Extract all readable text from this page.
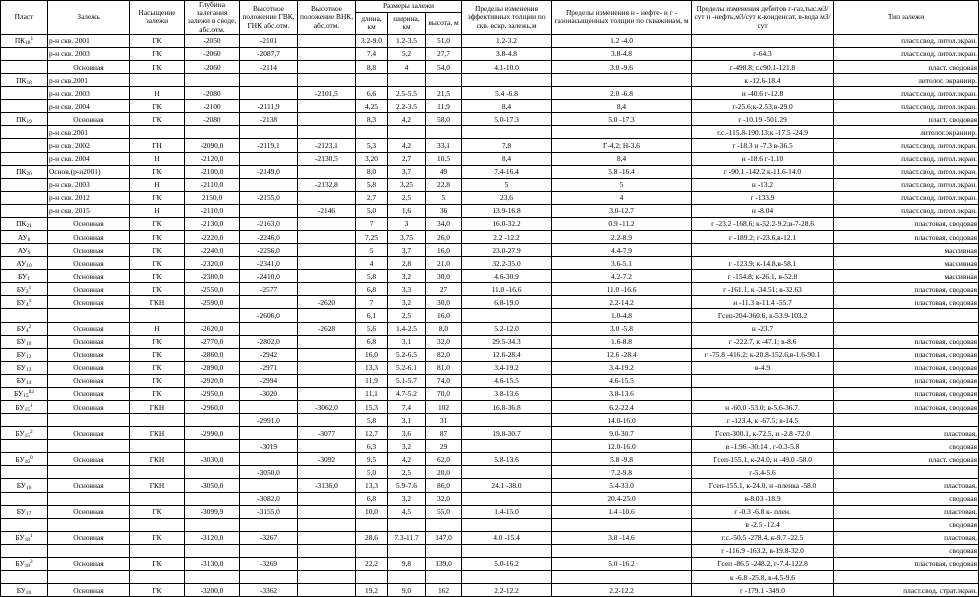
Пласт	Залежь	Насыщение залежи	Глубина залегания залежи в своде, абс.отм.	Высотное положение ГВК, ГНК абс.отм.	Высотное положение ВНК, абс.отм.	Размеры залежи			Пределы изменения эффективных толщин по скв. вскр. залежь,м	Пределы изменения н - нефте- и г - газонасыщенных толщин по скважинам, м	Пределы изменения дебитов г-газ,тыс.м3/сут н -нефть,м3/сут к-конденсат, в-вода м3/сут	Тип залежи
						длина, км	ширина, км	высота, м				
$ПК_{18}^1$	р-н скв. 2001	ГК	-2050	-2101		3.2-9.0	1.2-3.5	51,0	1.2-3.2	1.2 -4.0		пласт.свод, литол.экран.
	р-н скв. 2003	ГК	-2060	-2087,7		7,4	5,2	27,7	3.8-4.8	3.8-4.8	г-64.3	пласт.свод, литол.экран.
	Основная	ГК	-2060	-2114		8,8	4	54,0	4.1-10.0	3.0 -9.6	г-498.8; г.с90.1-121.8	пласт. сводовая
$ПК_{18}$	р-н скв.2001										к -12.6-18.4	литолог. экраниир.
	р-н скв. 2003	Н	-2080		-2101,5	6,6	2.5-5.5	21,5	5.4 -6.8	2.0 -6.8	н -40.6 г-12.8	пласт.свод, литол.экран.
	р-н скв. 2004	ГК	-2100	-2111,9		4,25	2.2-3.5	11,9	8,4	8,4	г-25.6;к-2.53;в-29.0	пласт.свод, литол.экран.
$ПК_{19}$	Основная	ГК	-2080	-2138		8,3	4,2	58,0	5.0-17.3	5.0 -17.3	г -10.19 -501.29	пласт. сводовая
	р-н скв.2001										г.с.-115.8-190.13;к -17.5 -24.9	литолог.экраниир.
	р-н скв. 2002	ГН	-2090,0	-2119,1	-2123,1	5,3	4,2	33,1	7,8	Г-4,2; Н-3.6	г -18.3 н -7.3 в-36.5	пласт.свод, литол.экран.
	р-н скв. 2004	Н	-2120,0		-2130,5	3,20	2,7	10,5	8,4	8,4	н -18.6 г-1.10	пласт.свод, литол.экран.
$ПК_{20}$	Основ.(р-н2001)	ГК	-2100,0	-2149,0		8,0	3,7	49	7.4-16.4	5.8 -16.4	г -90.1 -142.2 к-11.6-14.0	пласт.свод, литол.экран.
	р-н скв. 2003	Н	-2110,0		-2132,8	5,8	3,25	22,8	5	5	н -13.2	пласт.свод, литол.экран.
	р-н скв. 2012	ГК	2150,0	-2155,0		2,7	2,5	5	23,6	4	г -133.9	пласт.свод, литол.экран.
	р-н скв. 2015	Н	-2110,0		-2146	5,0	1,6	36	13.9-16.8	3.0-12.7	н -8.04	пласт.свод, литол.экран.
$ПК_{21}$	Основная	ГК	-2130,0	-2163,0		7	3	34,0	16.0-32.2	0.9 -11.2	г -23.2 -168.6; к-52.2-9.2;в-7-28.6	пластовая, сводовая
$АУ_8$	Основная	ГК	-2220,0	-2246,0		7,25	3,75	26,0	2.2 -12.2	2.2-8.9	г -189.2; г-23.6,в-12.1	пластовая, сводовая
$АУ_9$	Основная	ГК	-2240,0	-2256,0		5	3,7	16,0	23.0-27.9	4.4-7.9		массивная
$АУ_{10}$	Основная	ГК	-2320,0	-2341,0		4	2,8	21,0	32.2-35.0	3.6-5.1	г -123.9; к-14.8,в-58.1	массивная
$БУ_1$	Основная	ГК	-2380,0	-2410,0		5,8	3,2	30,0	4.6-30.9	4.2-7.2	г -154.8; к-26.1, в-52.8	массивная
$БУ_2^1$	Основная	ГК	-2550,0	-2577		6,8	3,3	27	11.0 -16.6	11.0 -16.6	г -161.1, к -34.51; в-32.63	пластовая, сводовая
$БУ_4^1$	Основная	ГКН	-2590,0		-2620	7	3,2	30,0	6.8-19.0	2.2-14.2	н -11.3 в-11.4 -55.7	пластовая, сводовая
				-2606,0		6,1	2,5	16,0		1.0-4.8	Гсеп-204-360.6, к-53.9-103.2	
$БУ_4^2$	Основная	Н	-2620,0		-2628	5,6	1.4-2.5	8,0	5.2-12.0	3.0 -5.8	н -23.7	
$БУ_{10}$	Основная	ГК	-2770,0	-2802,0		6,8	3,1	32,0	29.5-34.3	1.6-8.8	г -222.7, к -47.1; в-8.6	пластовая, сводовая
$БУ_{12}$	Основная	ГК	-2860,0	-2942		16,0	5.2-6.5	82,0	12.6-28.4	12.6 -28.4	г -75.8 -416.2; к-20.8-152.6,в-1.6-90.1	пластовая, сводовая
$БУ_{13}$	Основная	ГК	-2890,0	-2971		13,3	5.2-6.1	81,0	3.4-19.2	3.4-19.2	в-4.9	пластовая, сводовая
$БУ_{14}$	Основная	ГК	-2920,0	-2994		11,9	5.1-5.7	74,0	4.6-15.5	4.6-15.5		пластовая, сводовая
$БУ_{15}^{02}$	Основная	ГК	-2950,0	-3020		11,1	4.7-5.2	70,0	3.8-13.6	3.8-13.6		пластовая, сводовая
$БУ_{15}^1$	Основная	ГКН	-2960,0		-3062,0	15,3	7,4	102	16.8-36.8	6.2-22.4	н -60.0 -53.0; в-5.6-36.7.	пластовая, сводовая
				-2991.0		5,8	3,1	31		14.0-16.0	г -123.4, к -67.5; в-14.5	
$БУ_{15}^2$	Основная	ГКН	-2990,0		-3077	12,7	3,6	87	19.8-30.7	9.0-30.7	Гсеп-300.1, к-72.5, н -2.8 -72.0	пластовая,
				-3019		6,3	3,2	29		12.0-16.0	в -1.96 -30.14 , г-0.3-5.8	сводовая
$БУ_{16}^0$	Основная	ГКН	-3030,0		-3092	9,5	4,2	62,0	5.8-13.6	5.8 -9.8	Гсеп-155.1, к-24.0, н -49.0 -58.0	пласт. сводовая
				-3050,0		5,0	2,5	20,0		7.2-9.8	г-5.4-5.6	
$БУ_{16}$	Основная	ГКН	-3050,0		-3136,0	13,3	5.9-7.6	86,0	24.1 -38.0	5.4-33.0	Гсеп-155.1, к-24.0, н -пленка -58.0	пластовая,
				-3082,0		6,8	3,2	32,0		20.4-25.0	в-8.03 -18.9	сводовая
$БУ_{17}$	Основная	ГК	-3099,9	-3155,0		10,0	4,5	55,0	1.4-15.0	1.4 -10.6	г -0.3 -6.8 к- плен.	пластовая,
											в -2.5 -12.4	сводовая
$БУ_{18}^1$	Основная	ГК	-3120,0	-3267		28,6	7.3-11.7	147,0	4.0 -15.4	3.8 -14.6	г.с.-50.5 -278.4, к-9.7 -22.5	пластовая,
											г -116.9 -163.2, в-19.8-32.0	сводовая
$БУ_{18}^2$	Основная	ГК	-3130,0	-3269		22,2	9,8	139,0	5.0-16.2	5.0 -16.2	Гсеп -86.5 -248.2, г-7.4-122.8	пластовая, сводовая
											к -6.8 -25.8, в-4.5-9.6	
$БУ_{20}$	Основная	ГК	-3200,0	-3362		19,2	9,0	162	2.2-12.2	2.2-12.2	г -179.1 -349.0	пласт.свод, страт.экран.
